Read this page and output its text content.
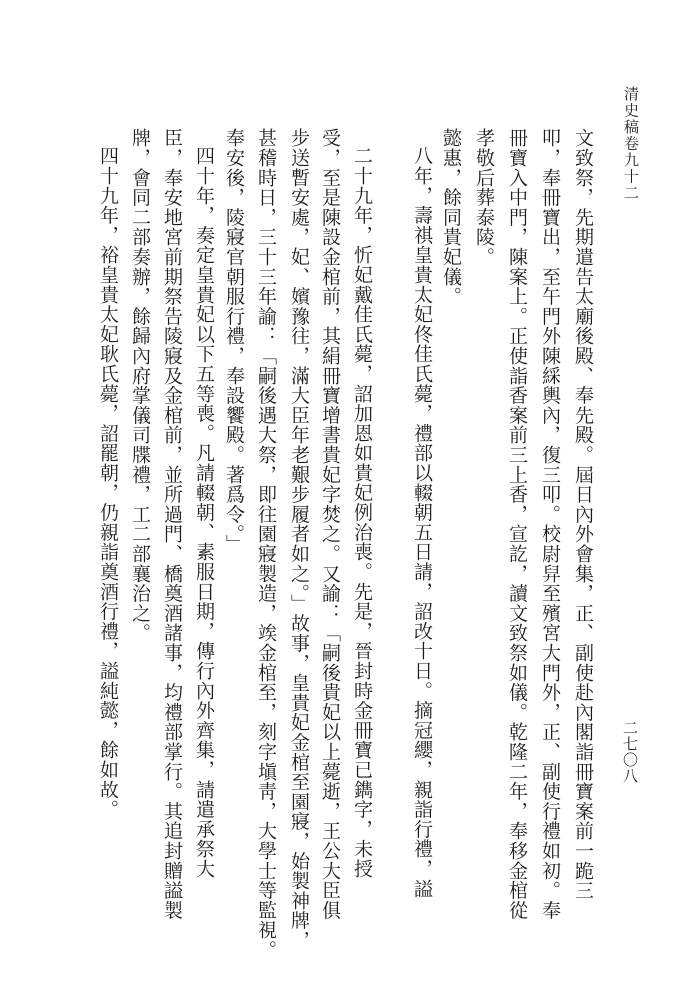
清史稿卷九十二
文致祭，先期遣告太廟後殿、奉先殿。屆日內外會集，正、副使赴內閣詣冊寶案前一跪三
叩，奉冊寶出，至午門外陳綵輿內，復三叩。校尉舁至殯宮大門外，正、副使行禮如初。奉
冊寶入中門，陳案上。正使詣香案前三上香，宣訖，讀文致祭如儀。乾隆二年，奉移金棺從
孝敬后葬泰陵。
懿惠，餘同貴妃儀。
八年，壽祺皇貴太妃佟佳氏薨，禮部以輟朝五日請，詔改十日。摘冠纓，親詣行禮，謚
二十九年，忻妃戴佳氏薨，詔加恩如貴妃例治喪。先是，晉封時金冊寶已鐫字，未授
受，至是陳設金棺前，其絹冊寶增書貴妃字焚之。又諭：「嗣後貴妃以上薨逝，王公大臣俱
步送暫安處，妃、嬪豫往，滿大臣年老艱步履者如之。」故事，皇貴妃金棺至園寢，始製神牌，
甚稽時日，三十三年諭：「嗣後遇大祭，即往園寢製造，竢金棺至，刻字塡靑，大學士等監視。
奉安後，陵寢官朝服行禮，奉設饗殿。著爲令。」
四十年，奏定皇貴妃以下五等喪。凡請輟朝、素服日期，傳行內外齊集，請遣承祭大
臣，奉安地宮前期祭告陵寢及金棺前，並所過門、橋奠酒諸事，均禮部掌行。其追封贈謚製
牌，會同二部奏辦，餘歸內府掌儀司牒禮，工二部襄治之。
四十九年，裕皇貴太妃耿氏薨，詔罷朝，仍親詣奠酒行禮，謚純懿，餘如故。	二七〇八
